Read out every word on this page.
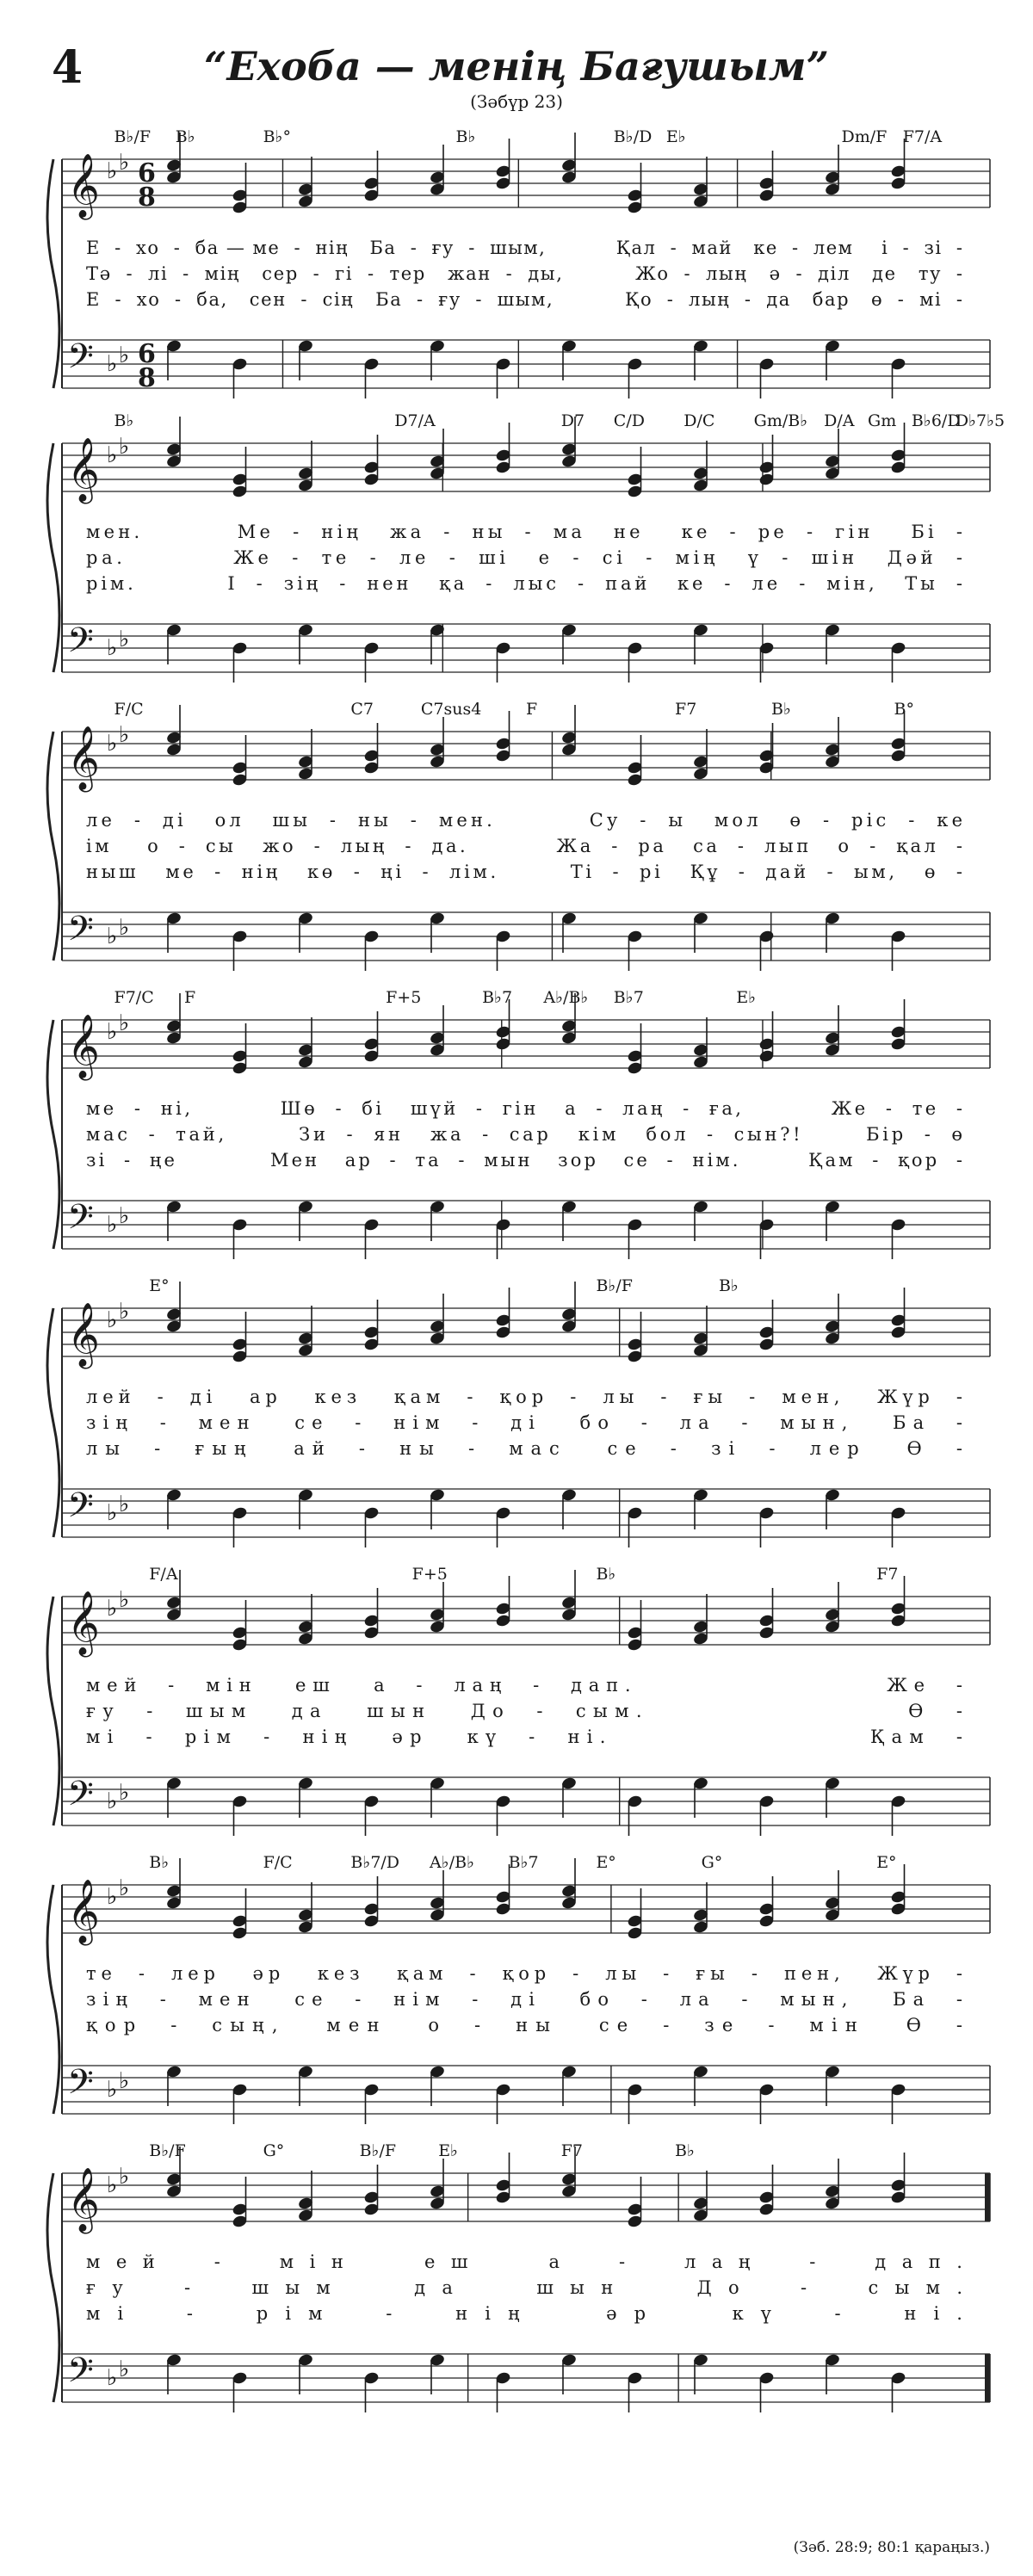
4	“Ехоба — менің Бағушым”
(Зәбүр 23)
B♭/F B♭	B♭°	B♭	B♭/D E♭	Dm/F F7/A
𝄞 ♭ ♭ 6
8
𝄢 ♭ ♭ 6
8
Е  -  хо  -  ба — ме  -  нің   Ба  -  ғу  -  шым,          Қал  -  май   ке  -  лем    і  -  зі  -
Тә  -  лі  -  мің   сер  -  гі  -  тер   жан  -  ды,          Жо  -  лың   ә  -  діл   де   ту  -
Е  -  хо  -  ба,   сен  -  сің   Ба  -  ғу  -  шым,          Қо  -  лың  -  да   бар   ө  -  мі  -
B♭	D7/A	D7 C/D D/C Gm/B♭ D/A Gm B♭6/D
D♭7♭5
𝄞 ♭ ♭
𝄢 ♭ ♭
мен.          Ме  -  нің   жа  -  ны  -  ма   не    ке  -  ре  -  гін    Бі  -
ра.           Же  -  те  -  ле  -  ші   е  -  сі  -  мің   ү  -  шін   Дәй  -
рім.          І  -  зің  -  нен   қа  -  лыс  -  пай   ке  -  ле  -  мін,   Ты  -
F/C	C7	C7sus4	F	F7	B♭	B°
𝄞 ♭ ♭
𝄢 ♭ ♭
ле  -  ді   ол   шы  -  ны  -  мен.          Су  -  ы   мол   ө  -  ріс  -  ке
ім    о  -  сы   жо  -  лың  -  да.          Жа  -  ра   са  -  лып   о  -  қал  -
ныш   ме  -  нің   кө  -  ңі  -  лім.        Ті  -  рі   Құ  -  дай  -  ым,   ө  -
F7/C F	F+5	B♭7 A♭/B♭ B♭7	E♭
𝄞 ♭ ♭
𝄢 ♭ ♭
ме  -  ні,          Шө  -  бі   шүй  -  гін   а  -  лаң  -  ға,          Же  -  те  -
мас  -  тай,        Зи  -  ян   жа  -  сар   кім   бол  -  сын?!       Бір  -  ө
зі  -  ңе           Мен   ар  -  та  -  мын   зор   се  -  нім.        Қам  -  қор  -
E°	B♭/F	B♭
𝄞 ♭ ♭
𝄢 ♭ ♭
лей  -  ді   ар   кез   қам  -  қор  -  лы  -  ғы  -  мен,   Жүр  -
зің  -  мен   се  -  нім  -  ді   бо  -  ла  -  мын,   Ба  -
лы  -  ғың   ай  -  ны  -  мас   се  -  зі  -  лер   Ө  -
F/A	F+5	B♭	F7
𝄞 ♭ ♭
𝄢 ♭ ♭
мей  -  мін   еш   а  -  лаң  -  дап.                    Же  -
ғу  -  шым   да   шын   До  -  сым.                    Ө  -
мі  -  рім  -  нің   әр   кү  -  ні.                    Қам  -
B♭	F/C	B♭7/D A♭/B♭ B♭7	E°	G°	E°
𝄞 ♭ ♭
𝄢 ♭ ♭
те  -  лер   әр   кез   қам  -  қор  -  лы  -  ғы  -  пен,   Жүр  -
зің  -  мен   се  -  нім  -  ді   бо  -  ла  -  мын,   Ба  -
қор  -  сың,   мен   о  -  ны   се  -  зе  -  мін   Ө  -
B♭/F	G°	B♭/F	E♭	F7	B♭
𝄞 ♭ ♭
𝄢 ♭ ♭
мей  -  мін   еш   а  -  лаң  -  дап.
ғу  -  шым   да   шын   До  -  сым.
мі  -  рім  -  нің   әр   кү  -  ні.
(Зәб. 28:9; 80:1 қараңыз.)
